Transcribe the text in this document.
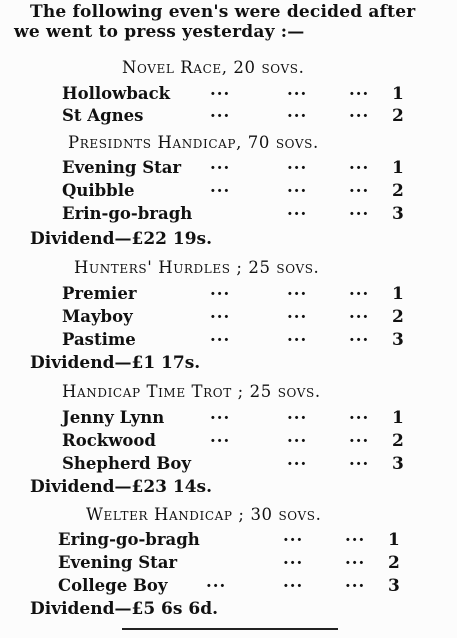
The following even's were decided after
we went to press yesterday :—
Novel Race, 20 sovs.
Hollowback ...	...	... 1
St Agnes	...	...	... 2
Presidnts Handicap, 70 sovs.
Evening Star ...	...	... 1
Quibble	...	...	... 2
Erin-go-bragh	...	... 3
Dividend—£22 19s.
Hunters' Hurdles ; 25 sovs.
Premier	...	...	... 1
Mayboy	...	...	... 2
Pastime	...	...	... 3
Dividend—£1 17s.
Handicap Time Trot ; 25 sovs.
Jenny Lynn	...	...	... 1
Rockwood	...	...	... 2
Shepherd Boy	...	... 3
Dividend—£23 14s.
Welter Handicap ; 30 sovs.
Ering-go-bragh	...	... 1
Evening Star	...	... 2
College Boy ...	...	... 3
Dividend—£5 6s 6d.
